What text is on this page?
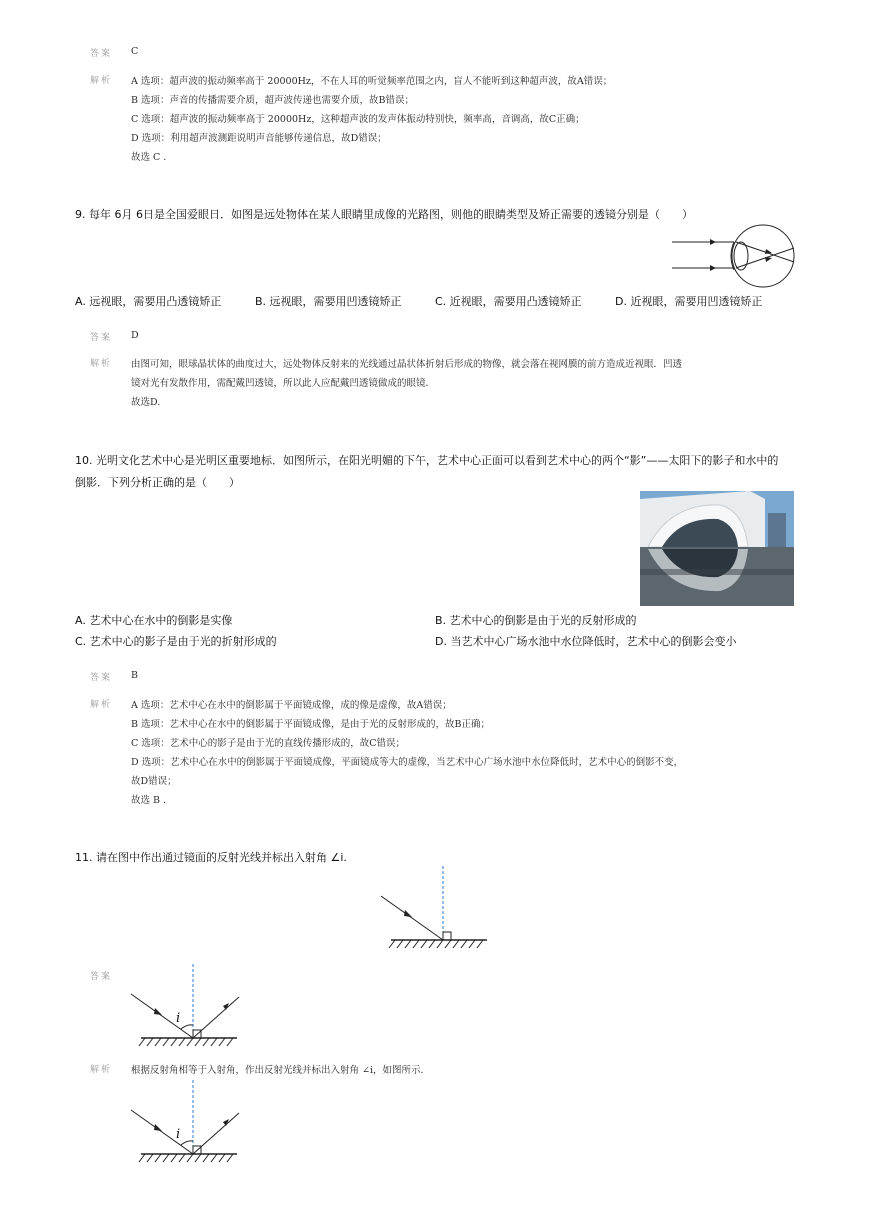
答案 C
解析 A 选项：超声波的振动频率高于 20000Hz，不在人耳的听觉频率范围之内，盲人不能听到这种超声波，故A错误；
B 选项：声音的传播需要介质，超声波传递也需要介质，故B错误；
C 选项：超声波的振动频率高于 20000Hz，这种超声波的发声体振动特别快，频率高，音调高，故C正确；
D 选项：利用超声波测距说明声音能够传递信息，故D错误；
故选 C .
9. 每年 6月 6日是全国爱眼日．如图是远处物体在某人眼睛里成像的光路图，则他的眼睛类型及矫正需要的透镜分别是（　　）
A. 远视眼，需要用凸透镜矫正	B. 远视眼，需要用凹透镜矫正	C. 近视眼，需要用凸透镜矫正	D. 近视眼，需要用凹透镜矫正
答案 D
解析 由图可知，眼球晶状体的曲度过大，远处物体反射来的光线通过晶状体折射后形成的物像，就会落在视网膜的前方造成近视眼．凹透
镜对光有发散作用，需配戴凹透镜，所以此人应配戴凹透镜做成的眼镜．
故选D.
10. 光明文化艺术中心是光明区重要地标．如图所示，在阳光明媚的下午，艺术中心正面可以看到艺术中心的两个“影”——太阳下的影子和水中的
倒影．下列分析正确的是（　　）
A. 艺术中心在水中的倒影是实像	B. 艺术中心的倒影是由于光的反射形成的
C. 艺术中心的影子是由于光的折射形成的	D. 当艺术中心广场水池中水位降低时，艺术中心的倒影会变小
答案 B
解析 A 选项：艺术中心在水中的倒影属于平面镜成像，成的像是虚像，故A错误；
B 选项：艺术中心在水中的倒影属于平面镜成像，是由于光的反射形成的，故B正确；
C 选项：艺术中心的影子是由于光的直线传播形成的，故C错误；
D 选项：艺术中心在水中的倒影属于平面镜成像，平面镜成等大的虚像，当艺术中心广场水池中水位降低时，艺术中心的倒影不变，
故D错误；
故选 B .
11. 请在图中作出通过镜面的反射光线并标出入射角 ∠i.
答案
i
解析 根据反射角相等于入射角，作出反射光线并标出入射角 ∠i，如图所示.
i
